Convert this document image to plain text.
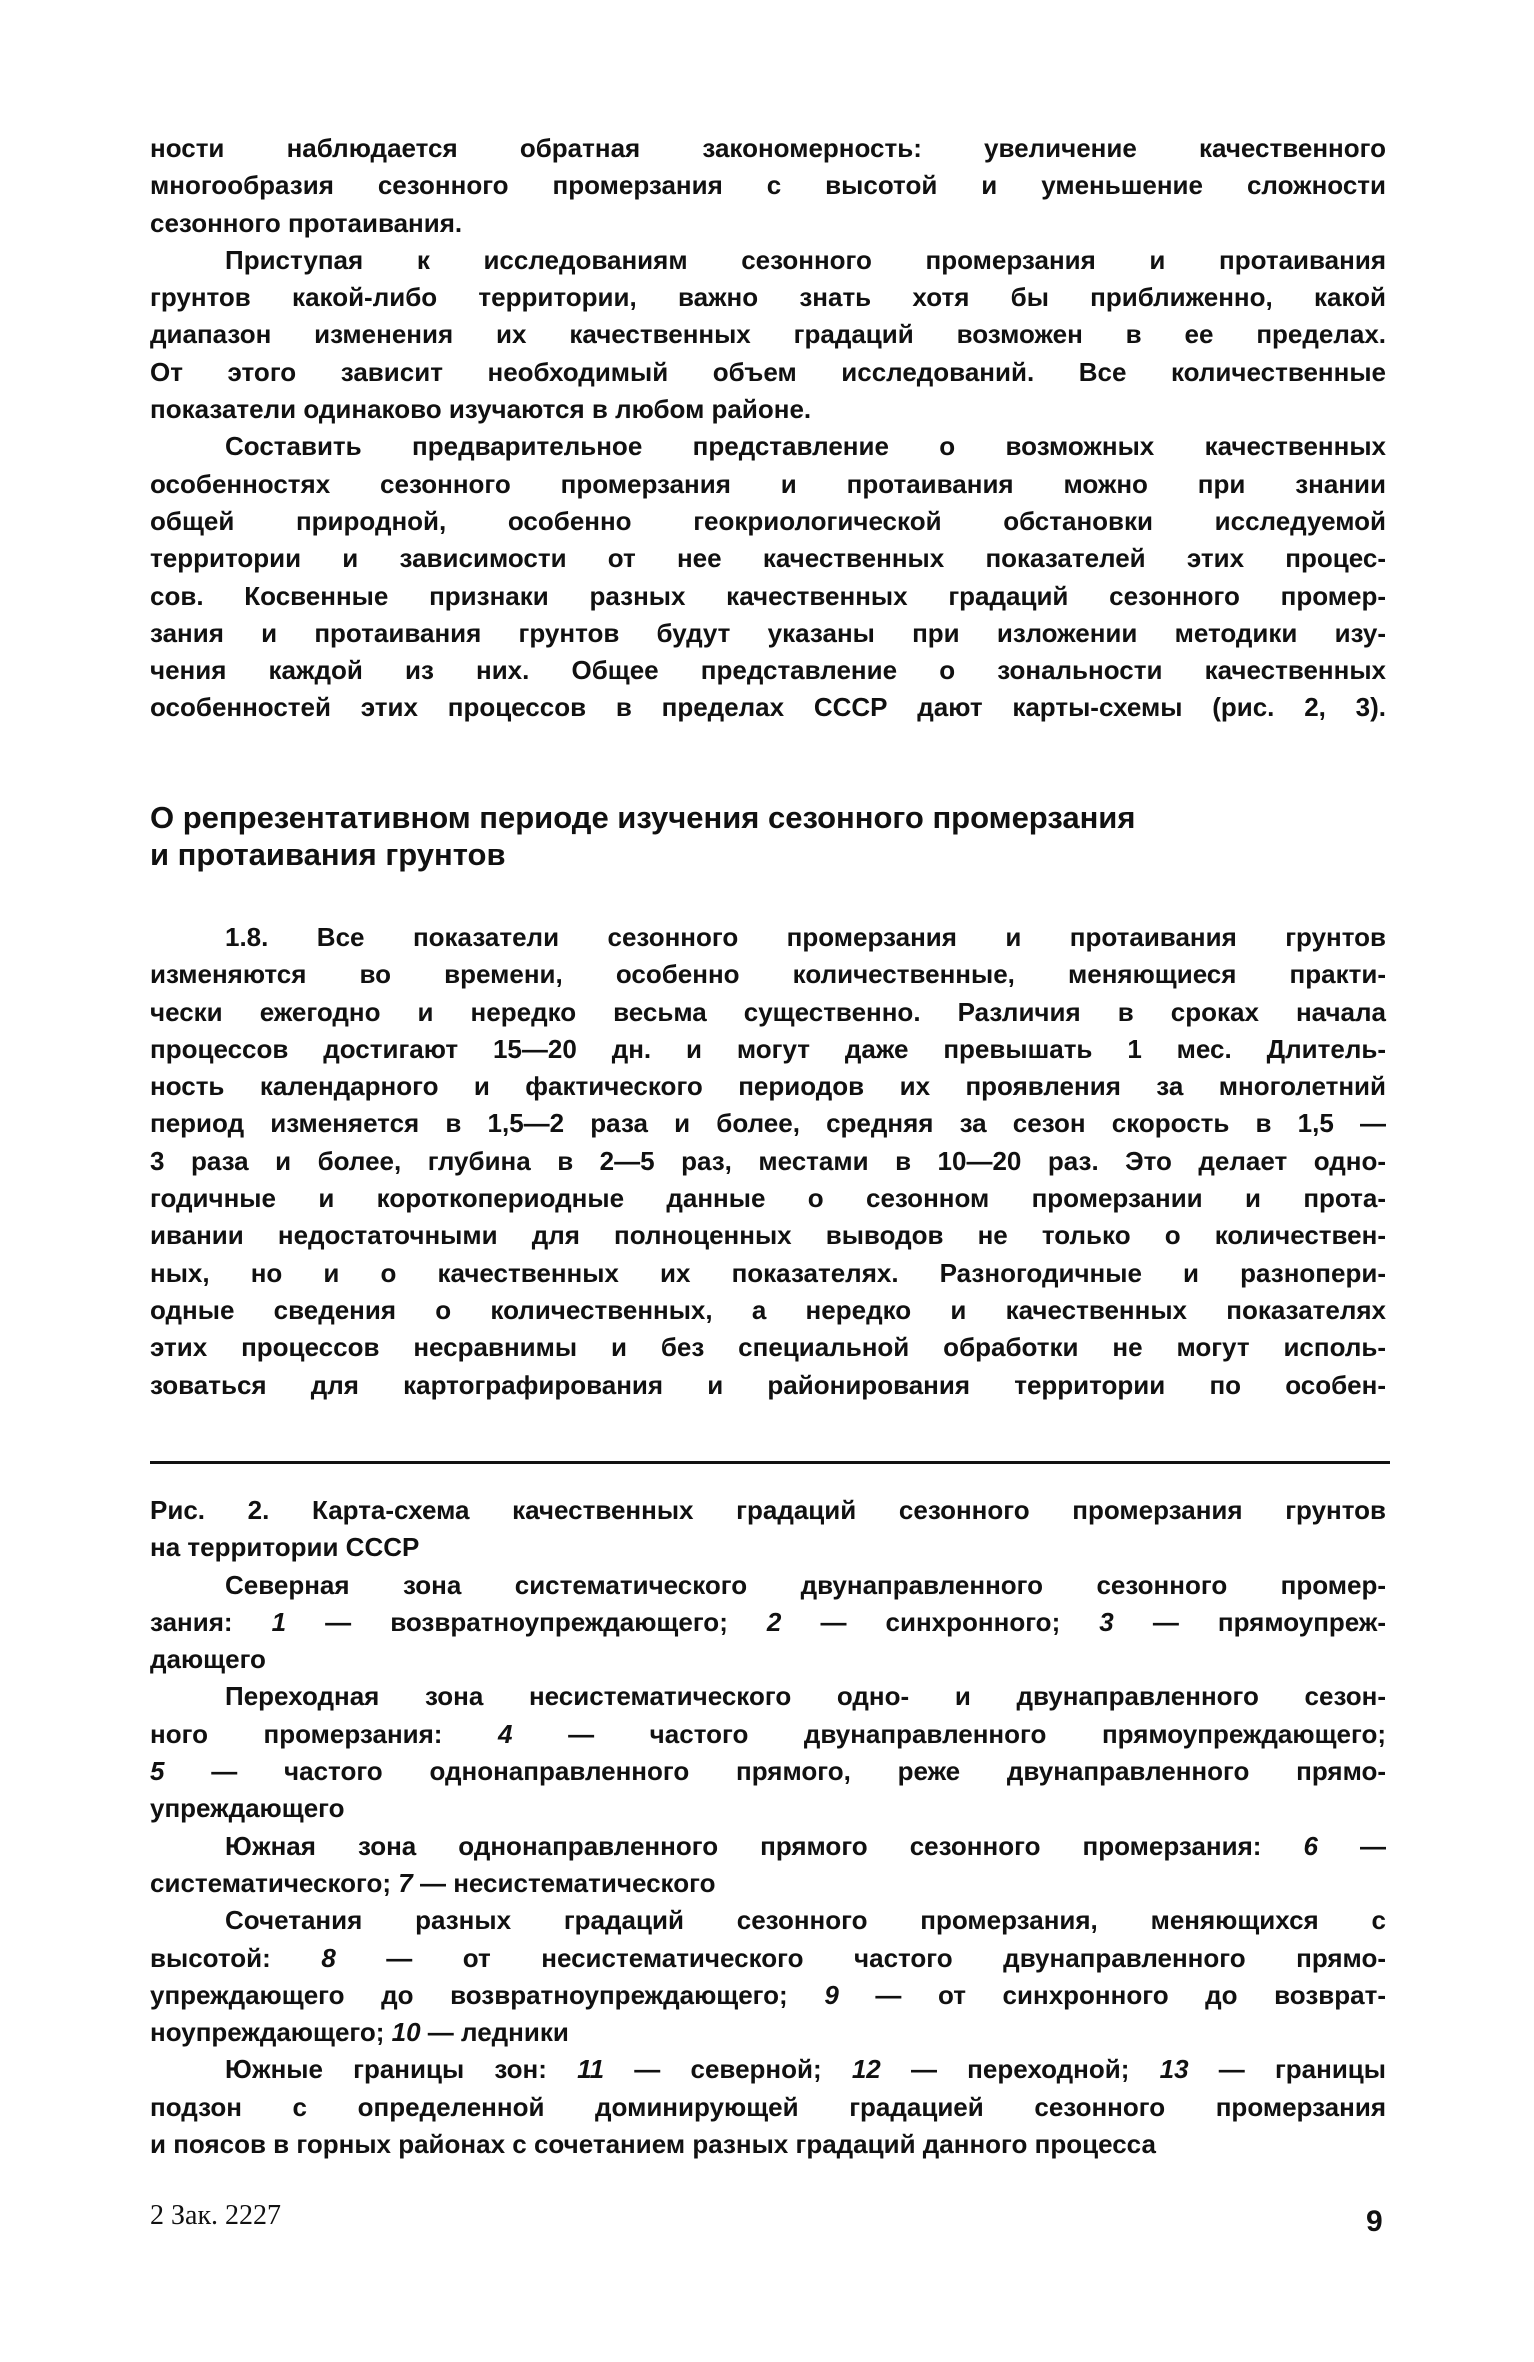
ности наблюдается обратная закономерность: увеличение качественного
многообразия сезонного промерзания с высотой и уменьшение сложности
сезонного протаивания.
Приступая к исследованиям сезонного промерзания и протаивания
грунтов какой-либо территории, важно знать хотя бы приближенно, какой
диапазон изменения их качественных градаций возможен в ее пределах.
От этого зависит необходимый объем исследований. Все количественные
показатели одинаково изучаются в любом районе.
Составить предварительное представление о возможных качественных
особенностях сезонного промерзания и протаивания можно при знании
общей природной, особенно геокриологической обстановки исследуемой
территории и зависимости от нее качественных показателей этих процес-
сов. Косвенные признаки разных качественных градаций сезонного промер-
зания и протаивания грунтов будут указаны при изложении методики изу-
чения каждой из них. Общее представление о зональности качественных
особенностей этих процессов в пределах СССР дают карты-схемы (рис. 2, 3).
О репрезентативном периоде изучения сезонного промерзания
и протаивания грунтов
1.8. Все показатели сезонного промерзания и протаивания грунтов
изменяются во времени, особенно количественные, меняющиеся практи-
чески ежегодно и нередко весьма существенно. Различия в сроках начала
процессов достигают 15—20 дн. и могут даже превышать 1 мес. Длитель-
ность календарного и фактического периодов их проявления за многолетний
период изменяется в 1,5—2 раза и более, средняя за сезон скорость в 1,5 —
3 раза и более, глубина в 2—5 раз, местами в 10—20 раз. Это делает одно-
годичные и короткопериодные данные о сезонном промерзании и прота-
ивании недостаточными для полноценных выводов не только о количествен-
ных, но и о качественных их показателях. Разногодичные и разнопери-
одные сведения о количественных, а нередко и качественных показателях
этих процессов несравнимы и без специальной обработки не могут исполь-
зоваться для картографирования и районирования территории по особен-
Рис. 2. Карта-схема качественных градаций сезонного промерзания грунтов
на территории СССР
Северная зона систематического двунаправленного сезонного промер-
зания: 1 — возвратноупреждающего; 2 — синхронного; 3 — прямоупреж-
дающего
Переходная зона несистематического одно- и двунаправленного сезон-
ного промерзания: 4 — частого двунаправленного прямоупреждающего;
5 — частого однонаправленного прямого, реже двунаправленного прямо-
упреждающего
Южная зона однонаправленного прямого сезонного промерзания: 6 —
систематического; 7 — несистематического
Сочетания разных градаций сезонного промерзания, меняющихся с
высотой: 8 — от несистематического частого двунаправленного прямо-
упреждающего до возвратноупреждающего; 9 — от синхронного до возврат-
ноупреждающего; 10 — ледники
Южные границы зон: 11 — северной; 12 — переходной; 13 — границы
подзон с определенной доминирующей градацией сезонного промерзания
и поясов в горных районах с сочетанием разных градаций данного процесса
2 Зак. 2227	9
